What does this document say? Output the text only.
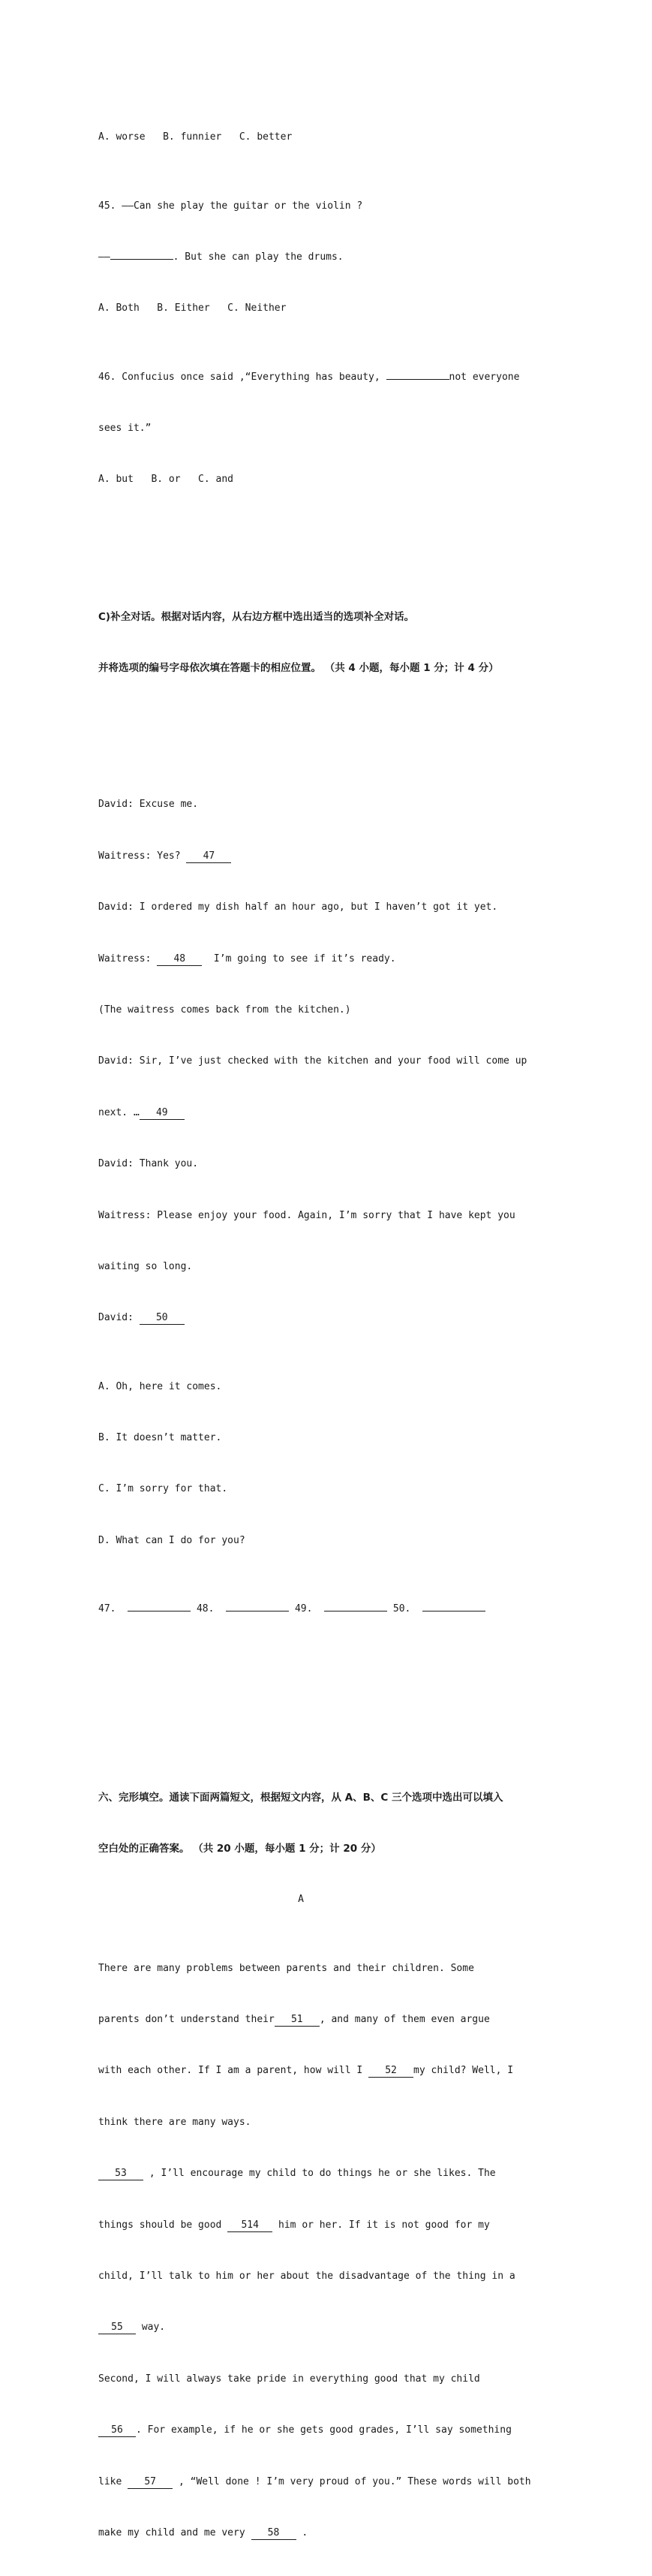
A. worse   B. funnier   C. better

45. ——Can she play the guitar or the violin ?

——	. But she can play the drums.

A. Both   B. Either   C. Neither

46. Confucius once said ,“Everything has beauty,	not everyone

sees it.”

A. but   B. or   C. and

C)补全对话。根据对话内容，从右边方框中选出适当的选项补全对话。

并将选项的编号字母依次填在答题卡的相应位置。 （共 4 小题，每小题 1 分；计 4 分）

David: Excuse me.

Waitress: Yes? 47

David: I ordered my dish half an hour ago, but I haven’t got it yet.

Waitress: 48  I’m going to see if it’s ready.

(The waitress comes back from the kitchen.)

David: Sir, I’ve just checked with the kitchen and your food will come up

next. … 49

David: Thank you.

Waitress: Please enjoy your food. Again, I’m sorry that I have kept you

waiting so long.

David: 50

A. Oh, here it comes.

B. It doesn’t matter.

C. I’m sorry for that.

D. What can I do for you?

47.	48.	49.	50.

六、完形填空。通读下面两篇短文，根据短文内容，从 A、B、C 三个选项中选出可以填入

空白处的正确答案。 （共 20 小题，每小题 1 分；计 20 分）

A

There are many problems between parents and their children. Some

parents don’t understand their 51 , and many of them even argue

with each other. If I am a parent, how will I 52 my child? Well, I

think there are many ways.

53 , I’ll encourage my child to do things he or she likes. The

things should be good 514 him or her. If it is not good for my

child, I’ll talk to him or her about the disadvantage of the thing in a

55 way.

Second, I will always take pride in everything good that my child

56 . For example, if he or she gets good grades, I’ll say something

like 57 , “Well done ! I’m very proud of you.” These words will both

make my child and me very 58 .
